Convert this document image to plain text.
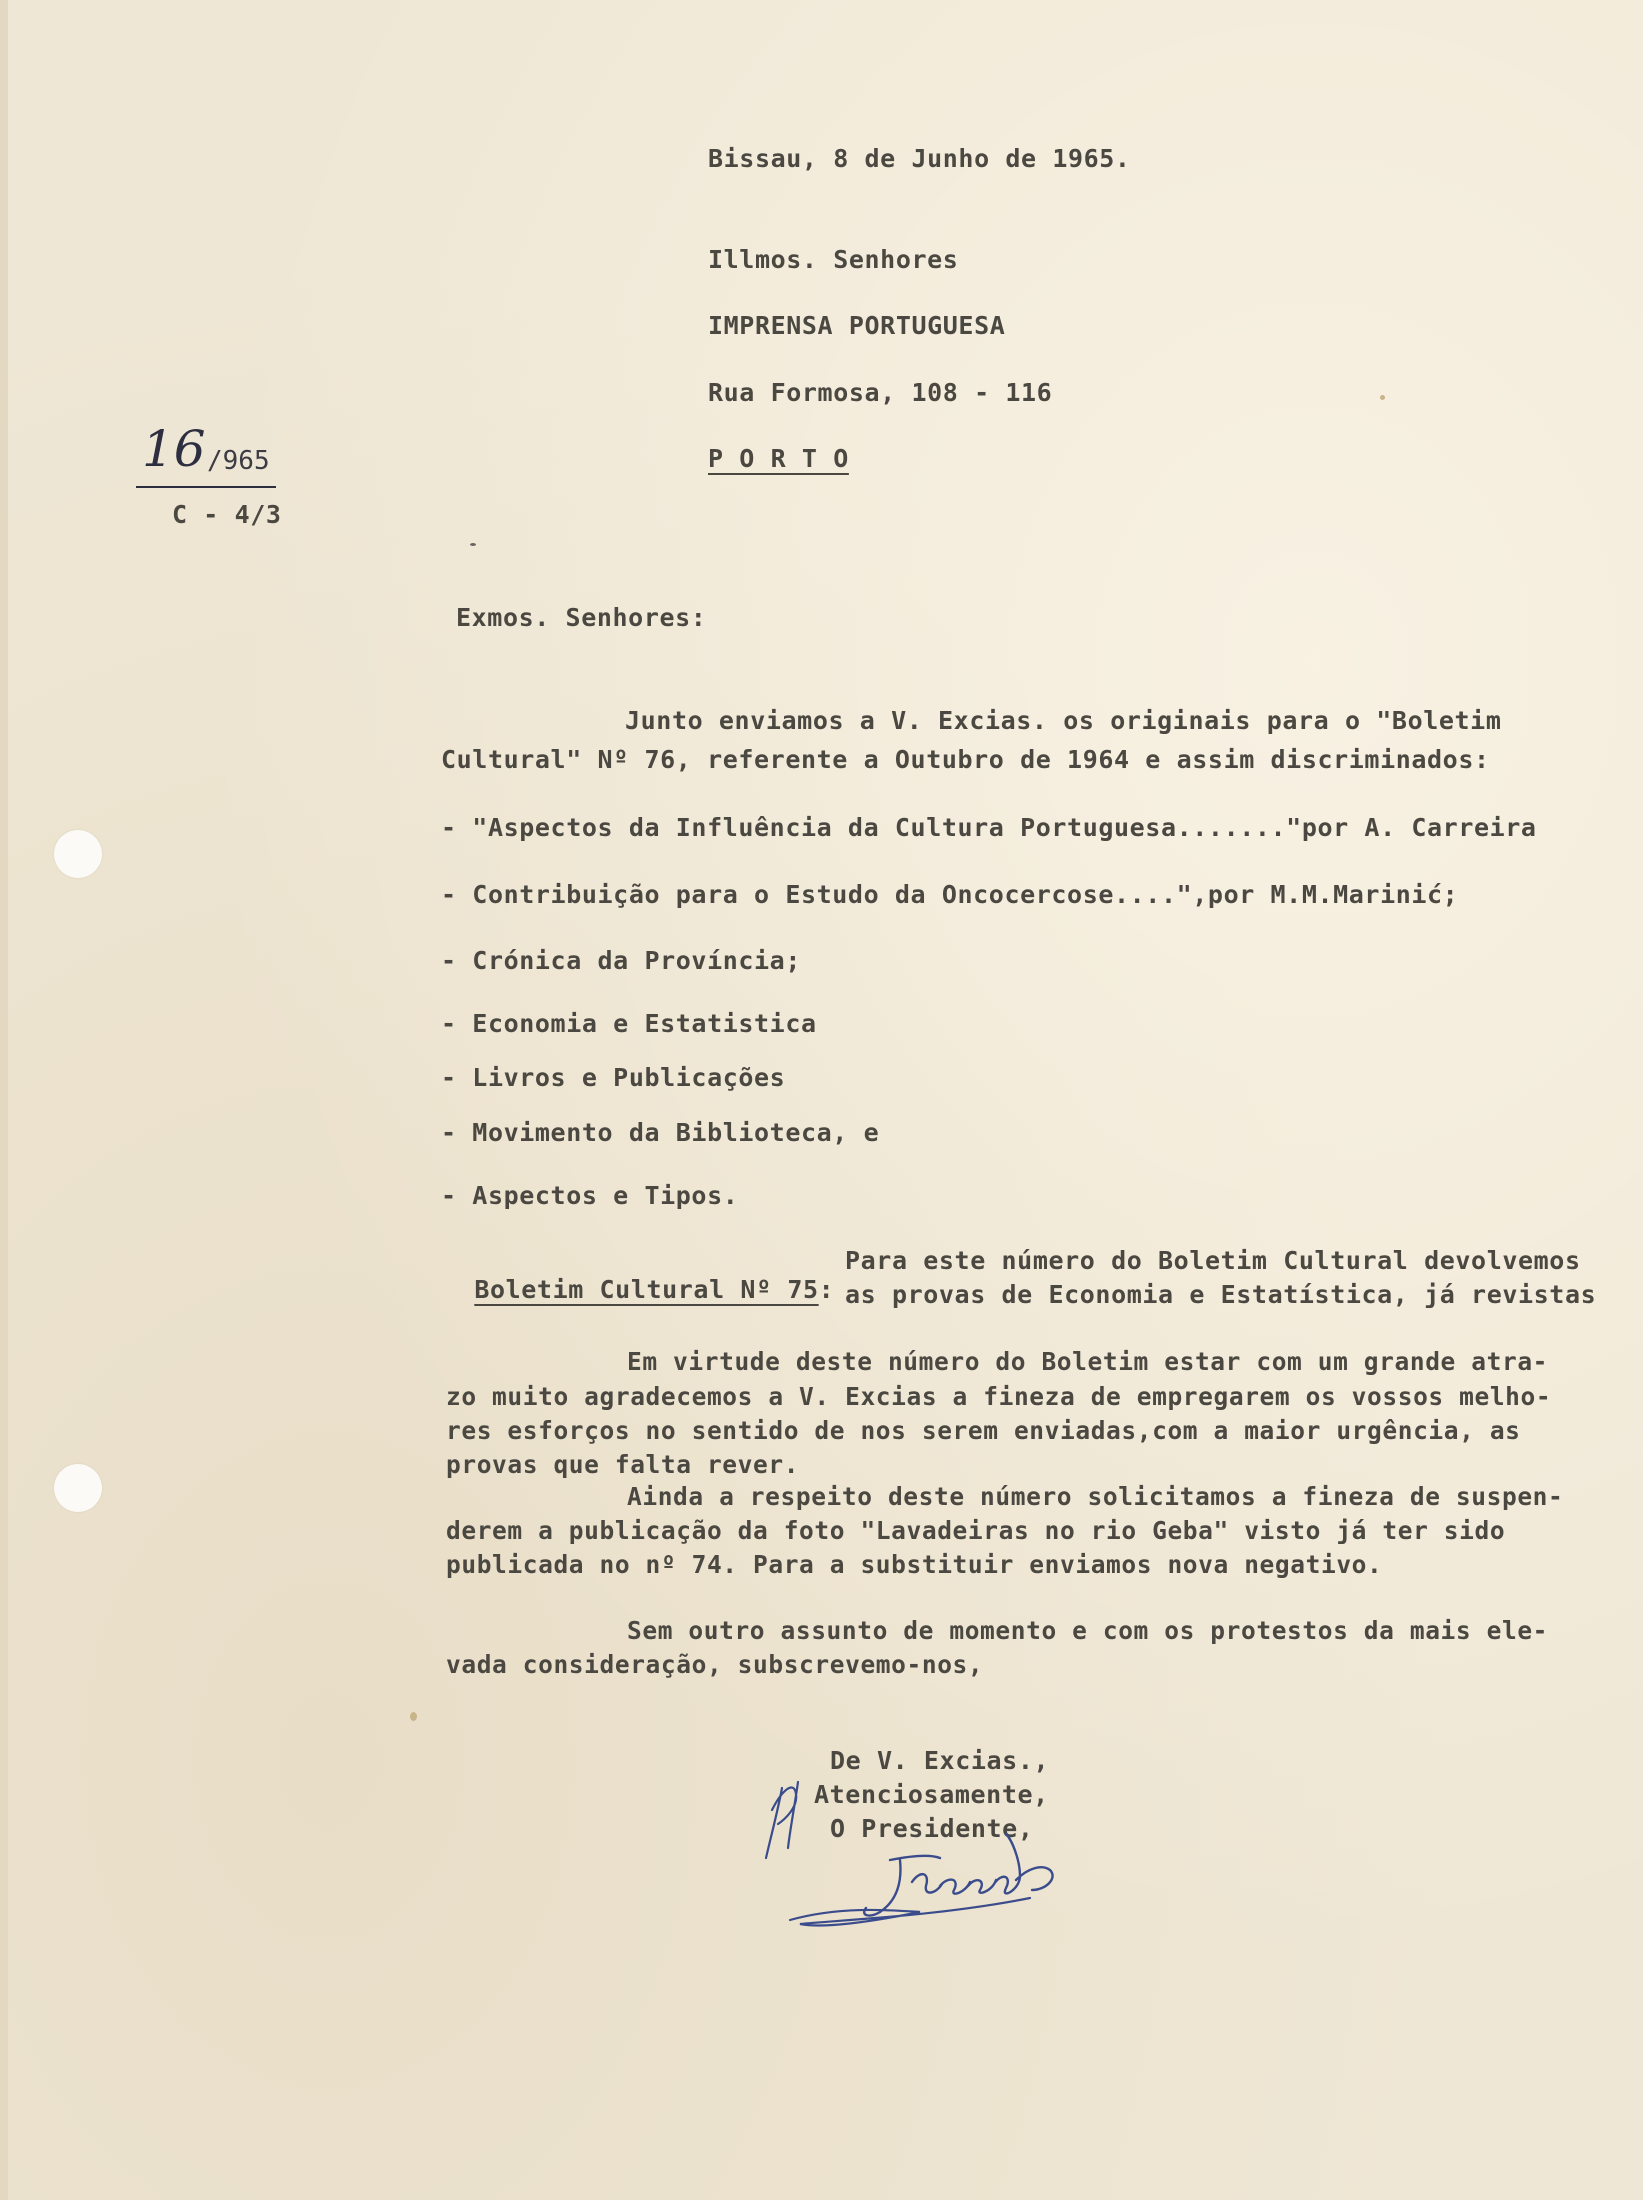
Bissau, 8 de Junho de 1965.
Illmos. Senhores
IMPRENSA PORTUGUESA
Rua Formosa, 108 - 116
P O R T O
16 /965
C - 4/3
Exmos. Senhores:
Junto enviamos a V. Excias. os originais para o "Boletim
Cultural" Nº 76, referente a Outubro de 1964 e assim discriminados:
- "Aspectos da Influência da Cultura Portuguesa......."por A. Carreira
- Contribuição para o Estudo da Oncocercose....",por M.M.Marinić;
- Crónica da Província;
- Economia e Estatistica
- Livros e Publicações
- Movimento da Biblioteca, e
- Aspectos e Tipos.

Boletim Cultural Nº 75:

Para este número do Boletim Cultural devolvemos
as provas de Economia e Estatística, já revistas
Em virtude deste número do Boletim estar com um grande atra-
zo muito agradecemos a V. Excias a fineza de empregarem os vossos melho-
res esforços no sentido de nos serem enviadas,com a maior urgência, as
provas que falta rever.
Ainda a respeito deste número solicitamos a fineza de suspen-
derem a publicação da foto "Lavadeiras no rio Geba" visto já ter sido
publicada no nº 74. Para a substituir enviamos nova negativo.
Sem outro assunto de momento e com os protestos da mais ele-
vada consideração, subscrevemo-nos,
De V. Excias.,
Atenciosamente,
O Presidente,
